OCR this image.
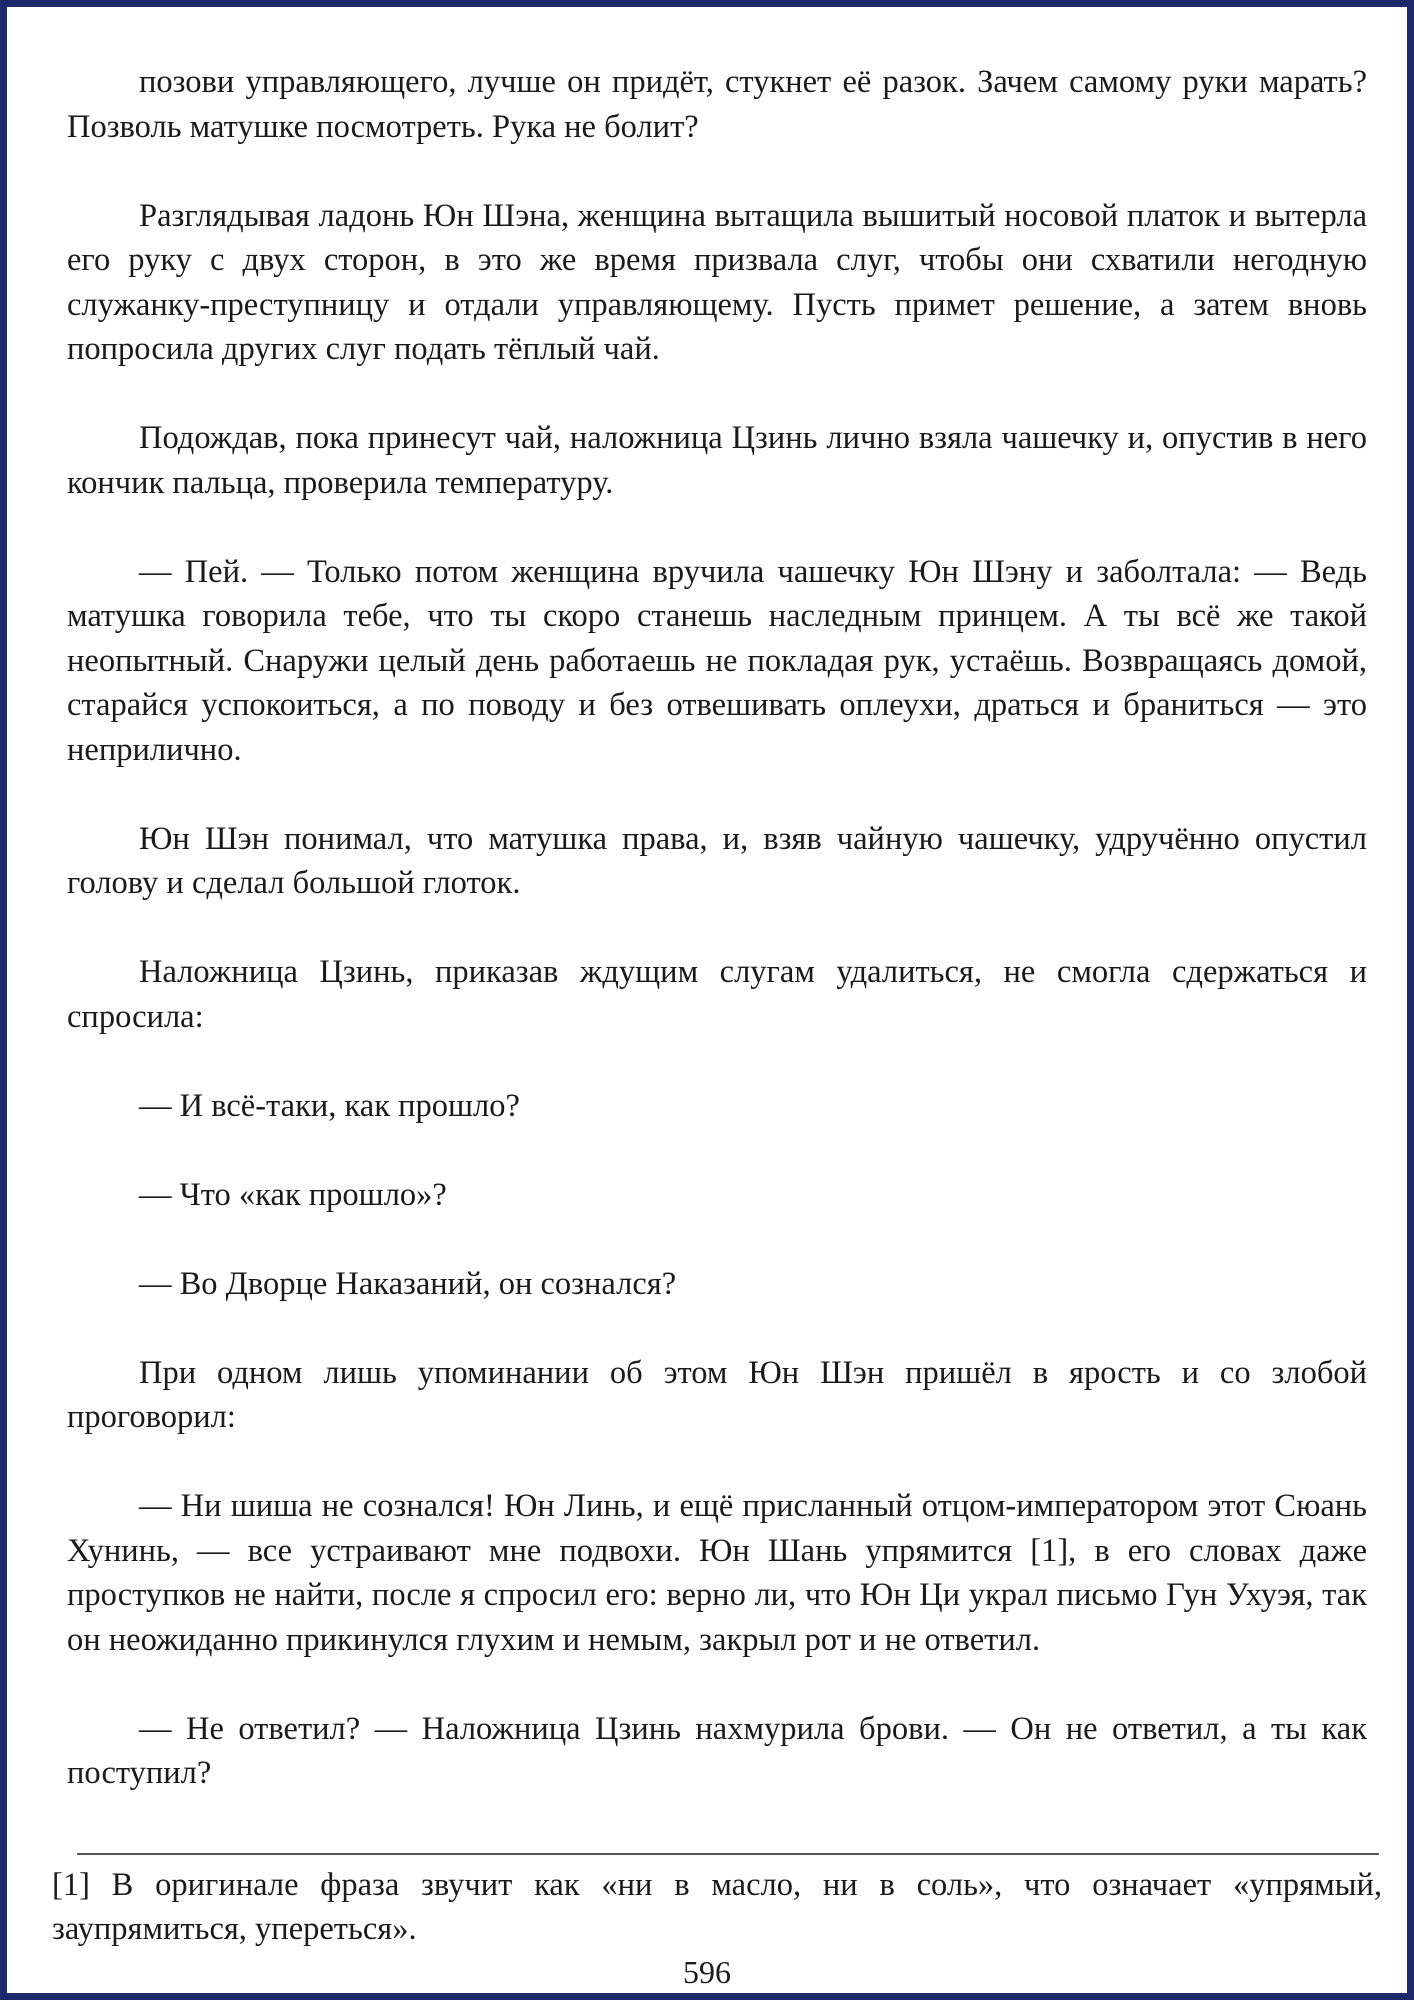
позови управляющего, лучше он придёт, стукнет её разок. Зачем самому руки марать? Позволь матушке посмотреть. Рука не болит?

Разглядывая ладонь Юн Шэна, женщина вытащила вышитый носовой платок и вытерла его руку с двух сторон, в это же время призвала слуг, чтобы они схватили негодную служанку-преступницу и отдали управляющему. Пусть примет решение, а затем вновь попросила других слуг подать тёплый чай.

Подождав, пока принесут чай, наложница Цзинь лично взяла чашечку и, опустив в него кончик пальца, проверила температуру.

— Пей. — Только потом женщина вручила чашечку Юн Шэну и заболтала: — Ведь матушка говорила тебе, что ты скоро станешь наследным принцем. А ты всё же такой неопытный. Снаружи целый день работаешь не покладая рук, устаёшь. Возвращаясь домой, старайся успокоиться, а по поводу и без отвешивать оплеухи, драться и браниться — это неприлично.

Юн Шэн понимал, что матушка права, и, взяв чайную чашечку, удручённо опустил голову и сделал большой глоток.

Наложница Цзинь, приказав ждущим слугам удалиться, не смогла сдержаться и спросила:

— И всё-таки, как прошло?

— Что «как прошло»?

— Во Дворце Наказаний, он сознался?

При одном лишь упоминании об этом Юн Шэн пришёл в ярость и со злобой проговорил:

— Ни шиша не сознался! Юн Линь, и ещё присланный отцом-императором этот Сюань Хунинь, — все устраивают мне подвохи. Юн Шань упрямится [1], в его словах даже проступков не найти, после я спросил его: верно ли, что Юн Ци украл письмо Гун Ухуэя, так он неожиданно прикинулся глухим и немым, закрыл рот и не ответил.

— Не ответил? — Наложница Цзинь нахмурила брови. — Он не ответил, а ты как поступил?

[1] В оригинале фраза звучит как «ни в масло, ни в соль», что означает «упрямый, заупрямиться, упереться».
596
